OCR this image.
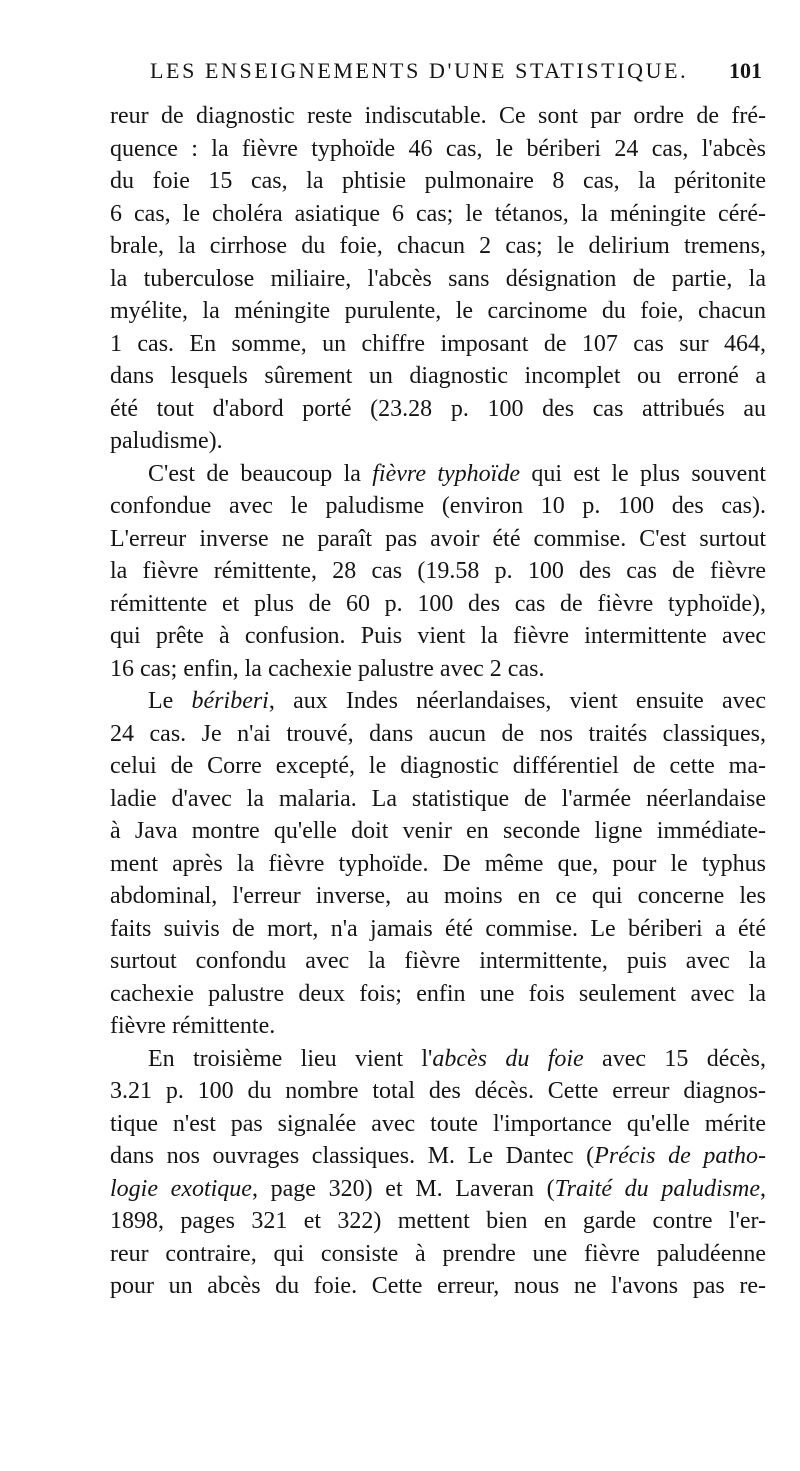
LES ENSEIGNEMENTS D'UNE STATISTIQUE. 101
reur de diagnostic reste indiscutable. Ce sont par ordre de fré-
quence : la fièvre typhoïde 46 cas, le bériberi 24 cas, l'abcès
du foie 15 cas, la phtisie pulmonaire 8 cas, la péritonite
6 cas, le choléra asiatique 6 cas; le tétanos, la méningite céré-
brale, la cirrhose du foie, chacun 2 cas; le delirium tremens,
la tuberculose miliaire, l'abcès sans désignation de partie, la
myélite, la méningite purulente, le carcinome du foie, chacun
1 cas. En somme, un chiffre imposant de 107 cas sur 464,
dans lesquels sûrement un diagnostic incomplet ou erroné a
été tout d'abord porté (23.28 p. 100 des cas attribués au
paludisme).
C'est de beaucoup la fièvre typhoïde qui est le plus souvent
confondue avec le paludisme (environ 10 p. 100 des cas).
L'erreur inverse ne paraît pas avoir été commise. C'est surtout
la fièvre rémittente, 28 cas (19.58 p. 100 des cas de fièvre
rémittente et plus de 60 p. 100 des cas de fièvre typhoïde),
qui prête à confusion. Puis vient la fièvre intermittente avec
16 cas; enfin, la cachexie palustre avec 2 cas.
Le bériberi, aux Indes néerlandaises, vient ensuite avec
24 cas. Je n'ai trouvé, dans aucun de nos traités classiques,
celui de Corre excepté, le diagnostic différentiel de cette ma-
ladie d'avec la malaria. La statistique de l'armée néerlandaise
à Java montre qu'elle doit venir en seconde ligne immédiate-
ment après la fièvre typhoïde. De même que, pour le typhus
abdominal, l'erreur inverse, au moins en ce qui concerne les
faits suivis de mort, n'a jamais été commise. Le bériberi a été
surtout confondu avec la fièvre intermittente, puis avec la
cachexie palustre deux fois; enfin une fois seulement avec la
fièvre rémittente.
En troisième lieu vient l'abcès du foie avec 15 décès,
3.21 p. 100 du nombre total des décès. Cette erreur diagnos-
tique n'est pas signalée avec toute l'importance qu'elle mérite
dans nos ouvrages classiques. M. Le Dantec (Précis de patho-
logie exotique, page 320) et M. Laveran (Traité du paludisme,
1898, pages 321 et 322) mettent bien en garde contre l'er-
reur contraire, qui consiste à prendre une fièvre paludéenne
pour un abcès du foie. Cette erreur, nous ne l'avons pas re-
